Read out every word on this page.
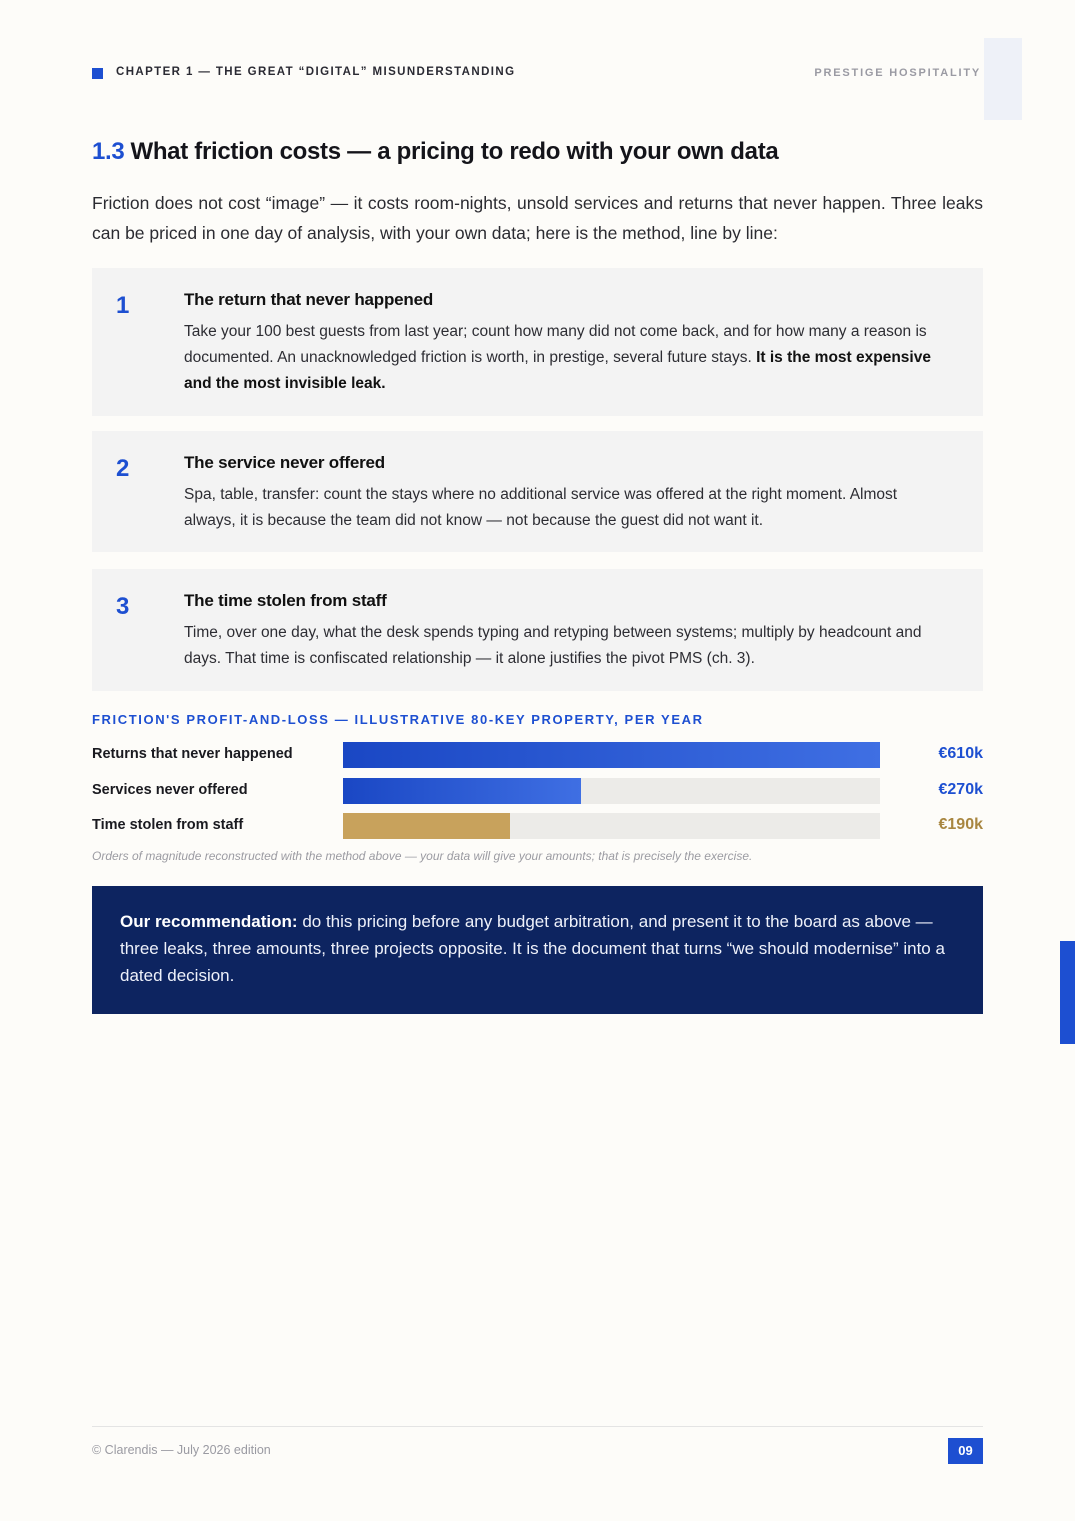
CHAPTER 1 — THE GREAT “DIGITAL” MISUNDERSTANDING	PRESTIGE HOSPITALITY
1.3 What friction costs — a pricing to redo with your own data
Friction does not cost “image” — it costs room-nights, unsold services and returns that never happen. Three leaks can be priced in one day of analysis, with your own data; here is the method, line by line:
1	The return that never happened
Take your 100 best guests from last year; count how many did not come back, and for how many a reason is documented. An unacknowledged friction is worth, in prestige, several future stays. It is the most expensive and the most invisible leak.
2	The service never offered
Spa, table, transfer: count the stays where no additional service was offered at the right moment. Almost always, it is because the team did not know — not because the guest did not want it.
3	The time stolen from staff
Time, over one day, what the desk spends typing and retyping between systems; multiply by headcount and days. That time is confiscated relationship — it alone justifies the pivot PMS (ch. 3).
FRICTION'S PROFIT-AND-LOSS — ILLUSTRATIVE 80-KEY PROPERTY, PER YEAR
Returns that never happened	€610k
Services never offered	€270k
Time stolen from staff	€190k
Orders of magnitude reconstructed with the method above — your data will give your amounts; that is precisely the exercise.
Our recommendation: do this pricing before any budget arbitration, and present it to the board as above — three leaks, three amounts, three projects opposite. It is the document that turns “we should modernise” into a dated decision.
© Clarendis — July 2026 edition	09
